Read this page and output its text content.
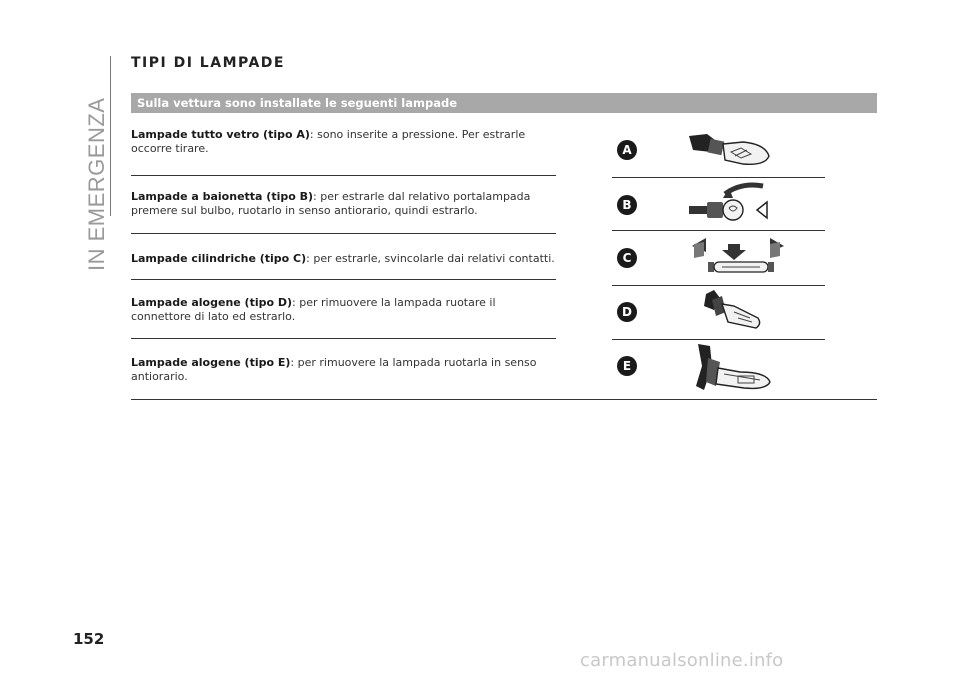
IN EMERGENZA
TIPI DI LAMPADE
Sulla vettura sono installate le seguenti lampade
Lampade tutto vetro (tipo A): sono inserite a pressione. Per estrarle occorre tirare.
Lampade a baionetta (tipo B): per estrarle dal relativo portalampada premere sul bulbo, ruotarlo in senso antiorario, quindi estrarlo.
Lampade cilindriche (tipo C): per estrarle, svincolarle dai relativi contatti.
Lampade alogene (tipo D): per rimuovere la lampada ruotare il connettore di lato ed estrarlo.
Lampade alogene (tipo E): per rimuovere la lampada ruotarla in senso antiorario.
A
B
C
D
E
152
carmanualsonline.info
